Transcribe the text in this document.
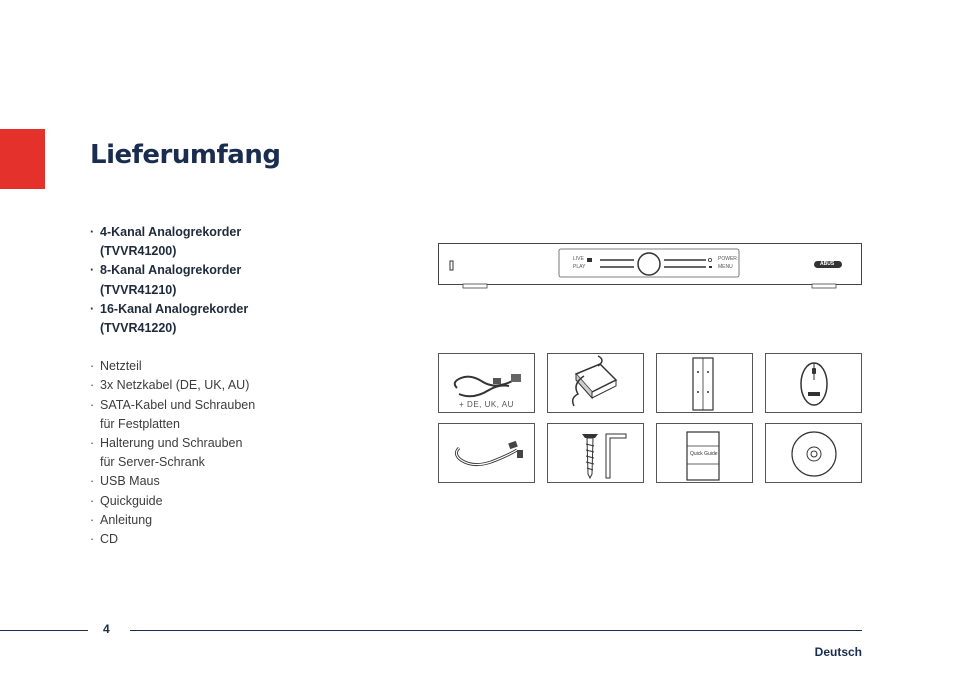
Lieferumfang
· 4-Kanal Analogrekorder
(TVVR41200)
· 8-Kanal Analogrekorder
(TVVR41210)
· 16-Kanal Analogrekorder
(TVVR41220)
· Netzteil
· 3x Netzkabel (DE, UK, AU)
· SATA-Kabel und Schrauben
für Festplatten
· Halterung und Schrauben
für Server-Schrank
· USB Maus
· Quickguide
· Anleitung
· CD
LIVE
PLAY
POWER
MENU	ABUS
+ DE, UK, AU
Quick Guide
4
Deutsch
